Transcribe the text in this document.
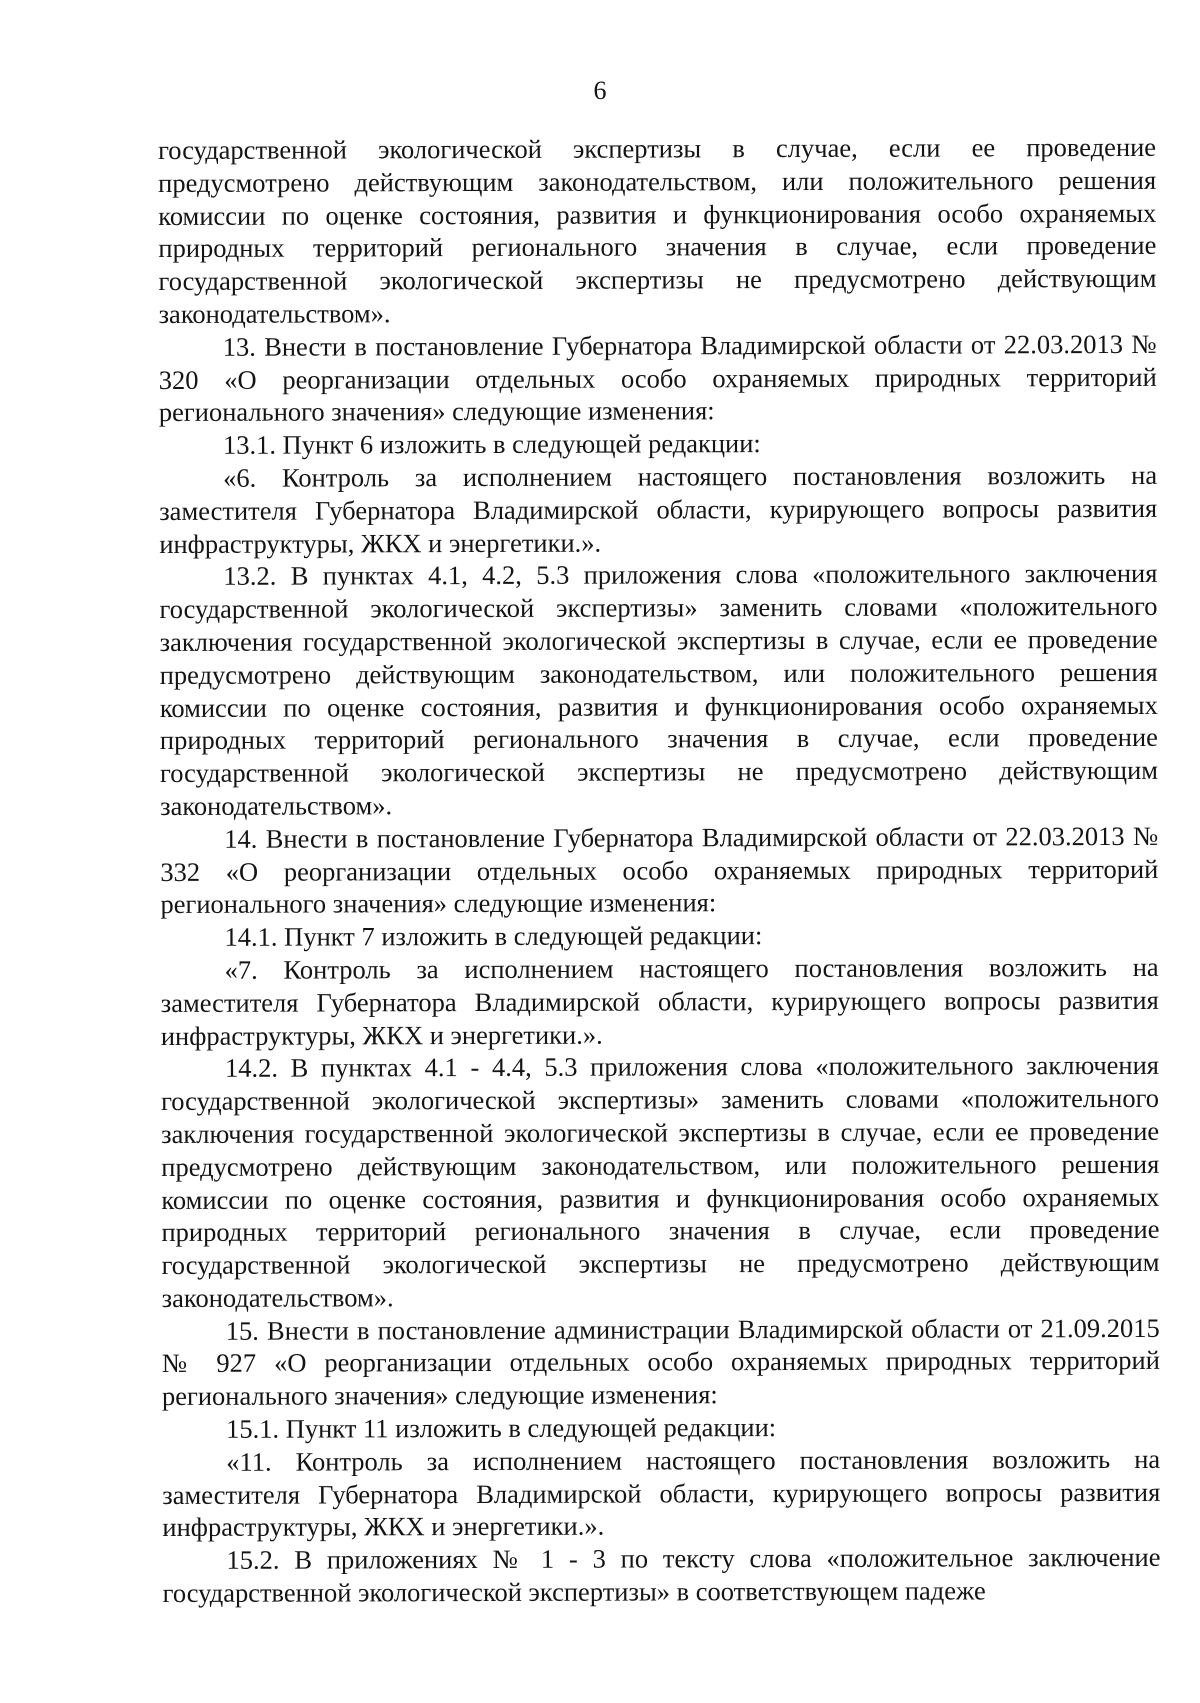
6

государственной экологической экспертизы в случае, если ее проведение предусмотрено действующим законодательством, или положительного решения комиссии по оценке состояния, развития и функционирования особо охраняемых природных территорий регионального значения в случае, если проведение государственной экологической экспертизы не предусмотрено действующим законодательством».

13. Внести в постановление Губернатора Владимирской области от 22.03.2013 № 320 «О реорганизации отдельных особо охраняемых природных территорий регионального значения» следующие изменения:

13.1. Пункт 6 изложить в следующей редакции:

«6. Контроль за исполнением настоящего постановления возложить на заместителя Губернатора Владимирской области, курирующего вопросы развития инфраструктуры, ЖКХ и энергетики.».

13.2. В пунктах 4.1, 4.2, 5.3 приложения слова «положительного заключения государственной экологической экспертизы» заменить словами «положительного заключения государственной экологической экспертизы в случае, если ее проведение предусмотрено действующим законодательством, или положительного решения комиссии по оценке состояния, развития и функционирования особо охраняемых природных территорий регионального значения в случае, если проведение государственной экологической экспертизы не предусмотрено действующим законодательством».

14. Внести в постановление Губернатора Владимирской области от 22.03.2013 № 332 «О реорганизации отдельных особо охраняемых природных территорий регионального значения» следующие изменения:

14.1. Пункт 7 изложить в следующей редакции:

«7. Контроль за исполнением настоящего постановления возложить на заместителя Губернатора Владимирской области, курирующего вопросы развития инфраструктуры, ЖКХ и энергетики.».

14.2. В пунктах 4.1 - 4.4, 5.3 приложения слова «положительного заключения государственной экологической экспертизы» заменить словами «положительного заключения государственной экологической экспертизы в случае, если ее проведение предусмотрено действующим законодательством, или положительного решения комиссии по оценке состояния, развития и функционирования особо охраняемых природных территорий регионального значения в случае, если проведение государственной экологической экспертизы не предусмотрено действующим законодательством».

15. Внести в постановление администрации Владимирской области от 21.09.2015 № 927 «О реорганизации отдельных особо охраняемых природных территорий регионального значения» следующие изменения:

15.1. Пункт 11 изложить в следующей редакции:

«11. Контроль за исполнением настоящего постановления возложить на заместителя Губернатора Владимирской области, курирующего вопросы развития инфраструктуры, ЖКХ и энергетики.».

15.2. В приложениях № 1 - 3 по тексту слова «положительное заключение государственной экологической экспертизы» в соответствующем падеже
